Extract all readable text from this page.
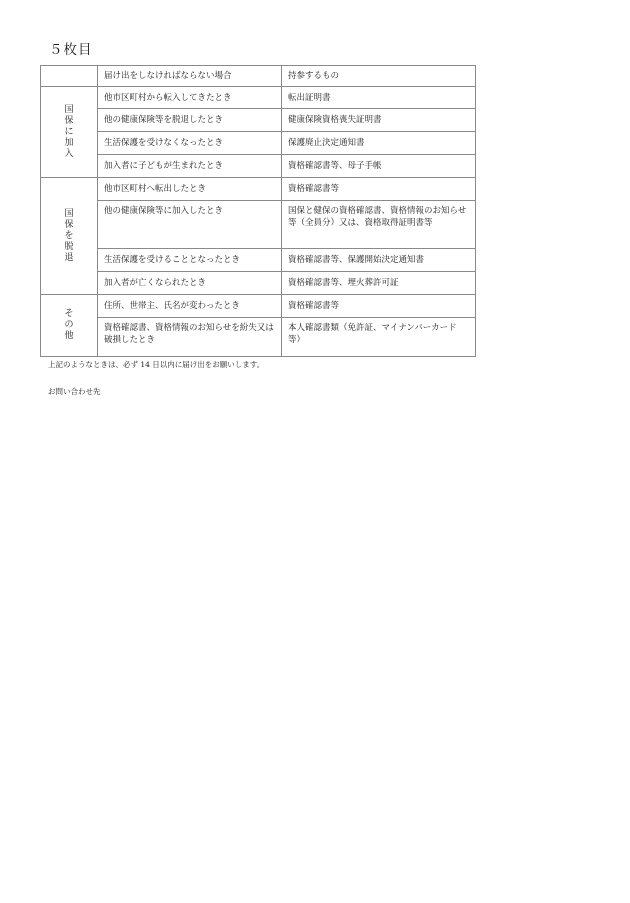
５枚目
	届け出をしなければならない場合	持参するもの
国保に加入	他市区町村から転入してきたとき	転出証明書

	他の健康保険等を脱退したとき	健康保険資格喪失証明書

	生活保護を受けなくなったとき	保護廃止決定通知書

	加入者に子どもが生まれたとき	資格確認書等、母子手帳

国保を脱退	他市区町村へ転出したとき	資格確認書等

	他の健康保険等に加入したとき	国保と健保の資格確認書、資格情報のお知らせ等（全員分）又は、資格取得証明書等

	生活保護を受けることとなったとき	資格確認書等、保護開始決定通知書

	加入者が亡くなられたとき	資格確認書等、埋火葬許可証

その他	住所、世帯主、氏名が変わったとき	資格確認書等

	資格確認書、資格情報のお知らせを紛失又は破損したとき	本人確認書類（免許証、マイナンバーカード等）

上記のようなときは、必ず 14 日以内に届け出をお願いします。

お問い合わせ先
